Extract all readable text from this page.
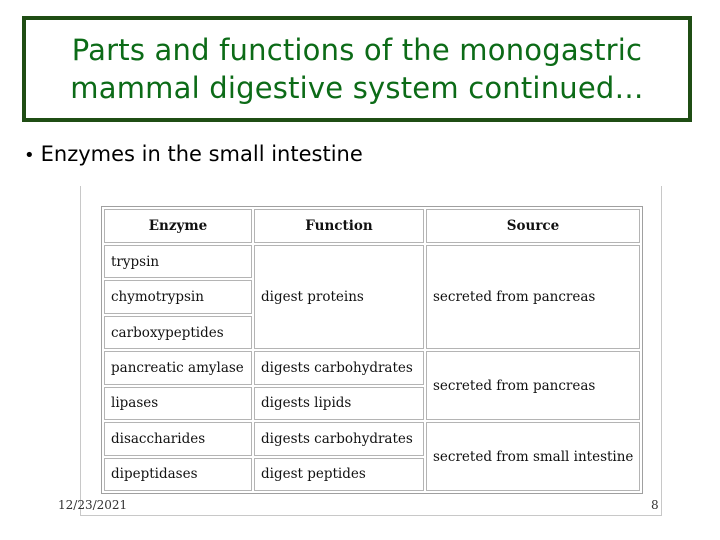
Parts and functions of the monogastric
mammal digestive system continued…
• Enzymes in the small intestine
Enzyme	Function	Source
trypsin	digest proteins	secreted from pancreas
chymotrypsin		
carboxypeptides		
pancreatic amylase	digests carbohydrates	secreted from pancreas
lipases	digests lipids	
disaccharides	digests carbohydrates	secreted from small intestine
dipeptidases	digest peptides	
12/23/2021	8
